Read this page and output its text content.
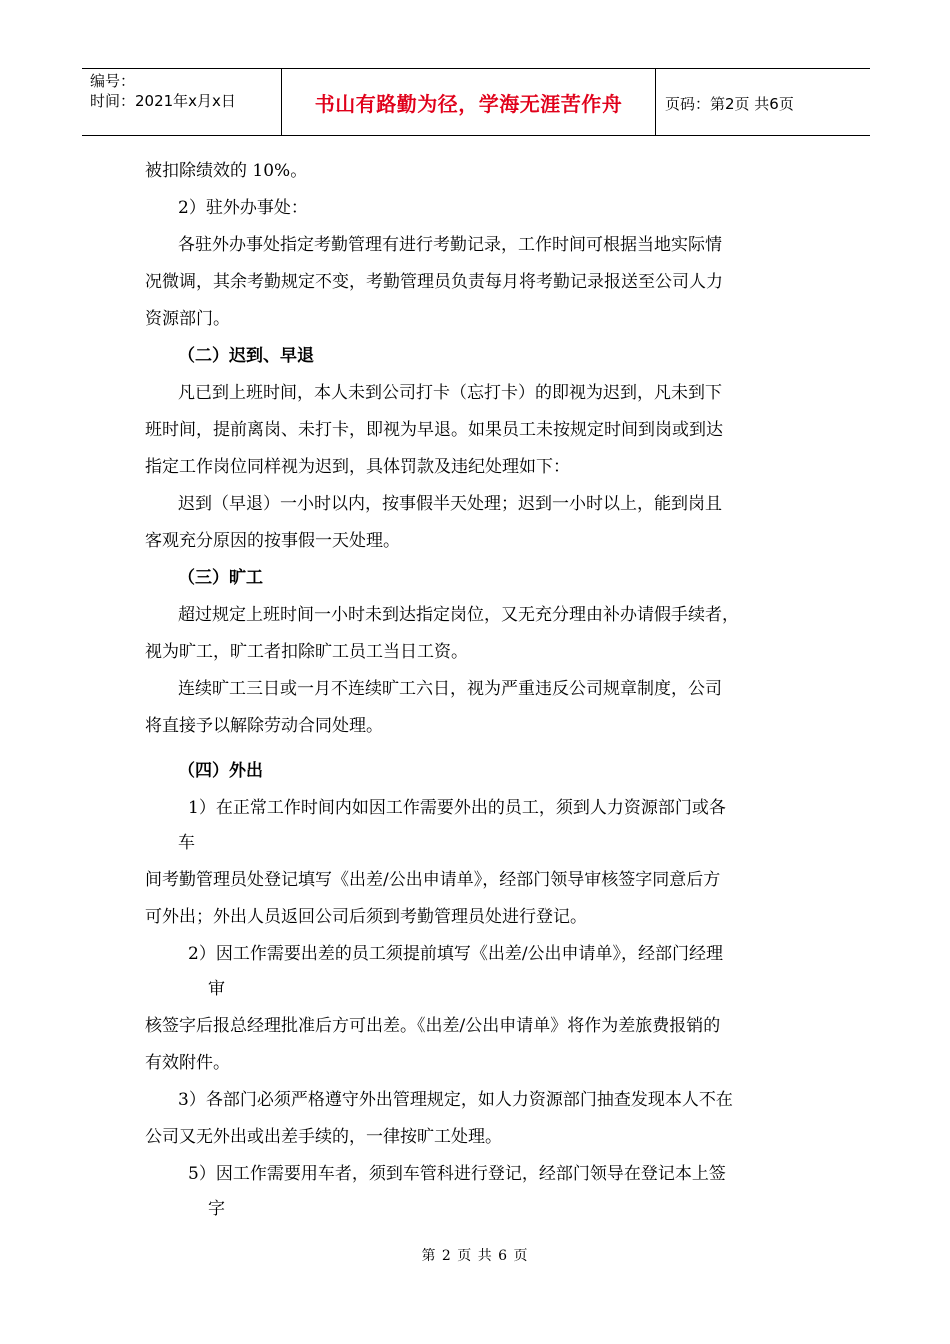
编号：
时间：2021年x月x日	书山有路勤为径，学海无涯苦作舟	页码：第2页 共6页
被扣除绩效的 10%。
2）驻外办事处：
各驻外办事处指定考勤管理有进行考勤记录，工作时间可根据当地实际情
况微调，其余考勤规定不变，考勤管理员负责每月将考勤记录报送至公司人力
资源部门。
（二）迟到、早退
凡已到上班时间，本人未到公司打卡（忘打卡）的即视为迟到，凡未到下
班时间，提前离岗、未打卡，即视为早退。如果员工未按规定时间到岗或到达
指定工作岗位同样视为迟到，具体罚款及违纪处理如下：
迟到（早退）一小时以内，按事假半天处理；迟到一小时以上，能到岗且
客观充分原因的按事假一天处理。
（三）旷工
超过规定上班时间一小时未到达指定岗位，又无充分理由补办请假手续者，
视为旷工，旷工者扣除旷工员工当日工资。
连续旷工三日或一月不连续旷工六日，视为严重违反公司规章制度，公司
将直接予以解除劳动合同处理。
（四）外出
1）在正常工作时间内如因工作需要外出的员工，须到人力资源部门或各
车
间考勤管理员处登记填写《出差/公出申请单》，经部门领导审核签字同意后方
可外出；外出人员返回公司后须到考勤管理员处进行登记。
2）因工作需要出差的员工须提前填写《出差/公出申请单》，经部门经理
审
核签字后报总经理批准后方可出差。《出差/公出申请单》将作为差旅费报销的
有效附件。
3）各部门必须严格遵守外出管理规定，如人力资源部门抽查发现本人不在
公司又无外出或出差手续的，一律按旷工处理。
5）因工作需要用车者，须到车管科进行登记，经部门领导在登记本上签
字
第 2 页 共 6 页
